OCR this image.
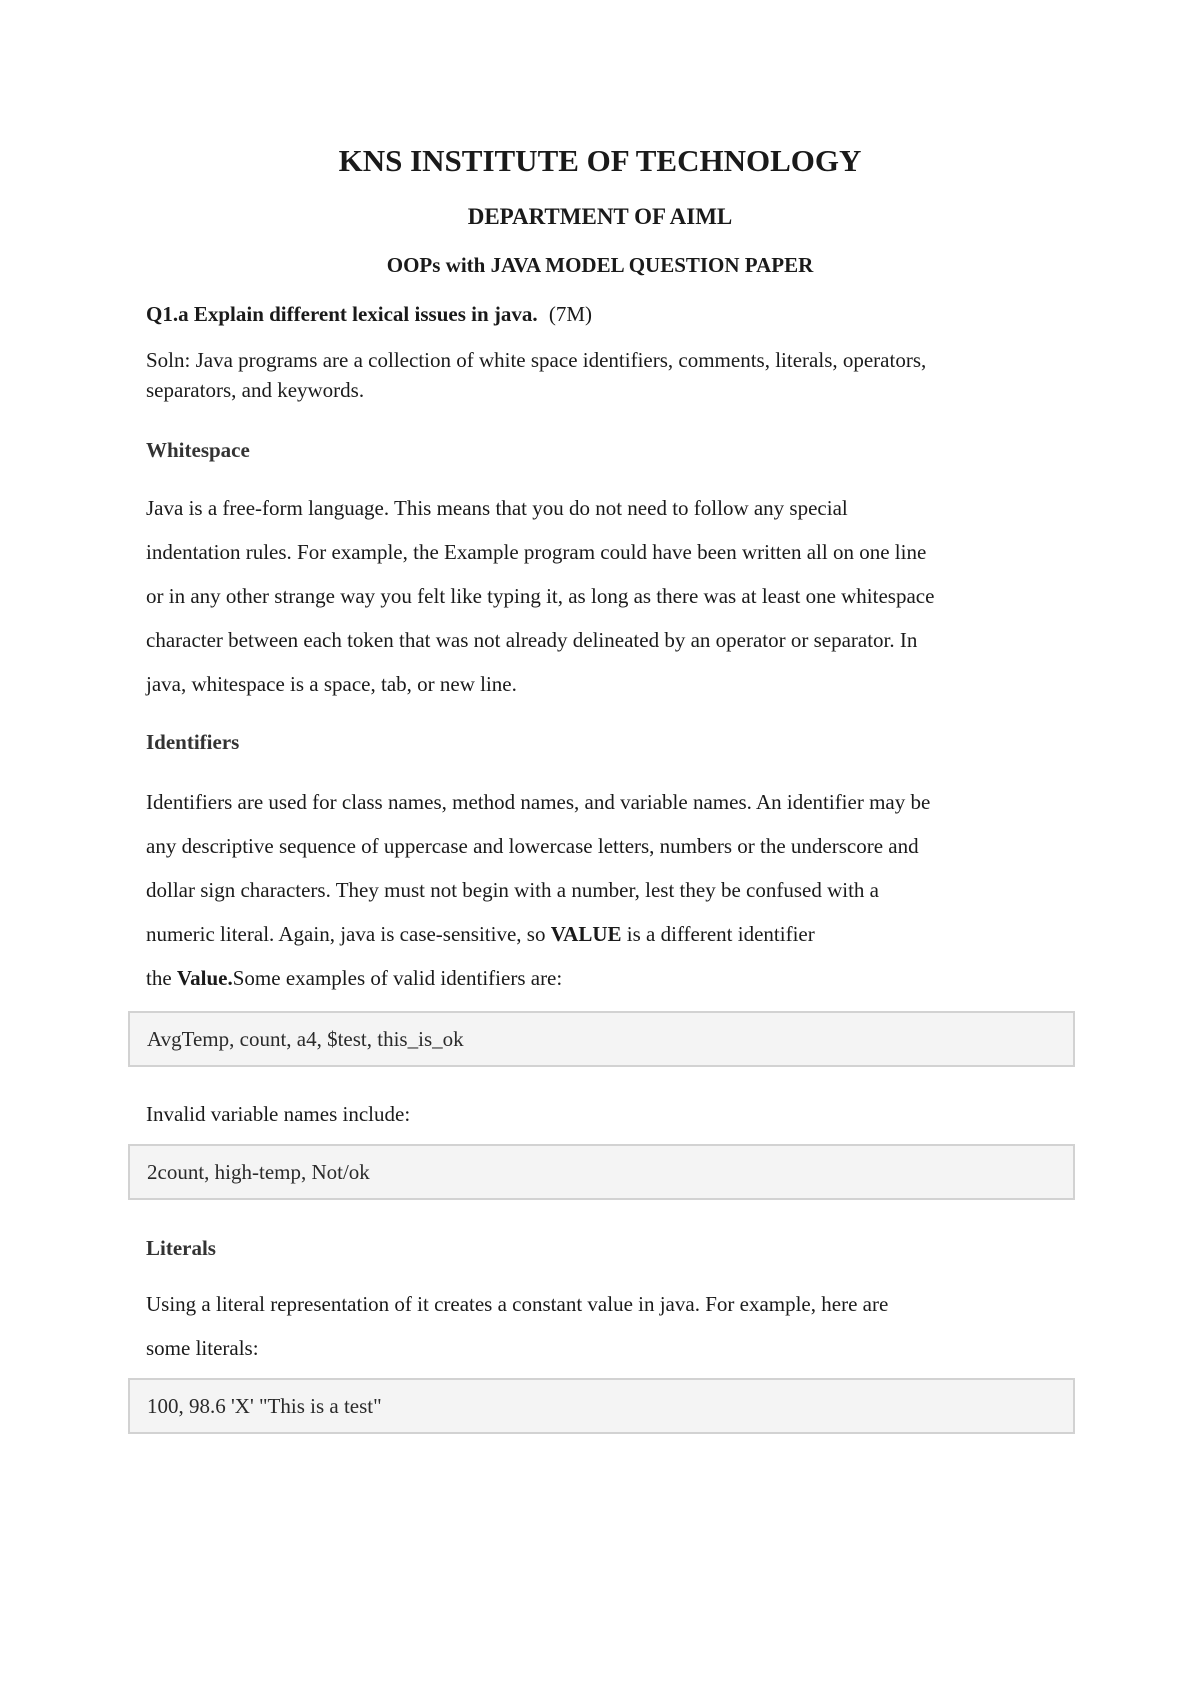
KNS INSTITUTE OF TECHNOLOGY
DEPARTMENT OF AIML
OOPs with JAVA MODEL QUESTION PAPER
Q1.a Explain different lexical issues in java. (7M)
Soln: Java programs are a collection of white space identifiers, comments, literals, operators,
separators, and keywords.
Whitespace
Java is a free-form language. This means that you do not need to follow any special
indentation rules. For example, the Example program could have been written all on one line
or in any other strange way you felt like typing it, as long as there was at least one whitespace
character between each token that was not already delineated by an operator or separator. In
java, whitespace is a space, tab, or new line.
Identifiers
Identifiers are used for class names, method names, and variable names. An identifier may be
any descriptive sequence of uppercase and lowercase letters, numbers or the underscore and
dollar sign characters. They must not begin with a number, lest they be confused with a
numeric literal. Again, java is case-sensitive, so VALUE is a different identifier
the Value.Some examples of valid identifiers are:
AvgTemp, count, a4, $test, this_is_ok
Invalid variable names include:
2count, high-temp, Not/ok
Literals
Using a literal representation of it creates a constant value in java. For example, here are
some literals:
100, 98.6 'X' "This is a test"
